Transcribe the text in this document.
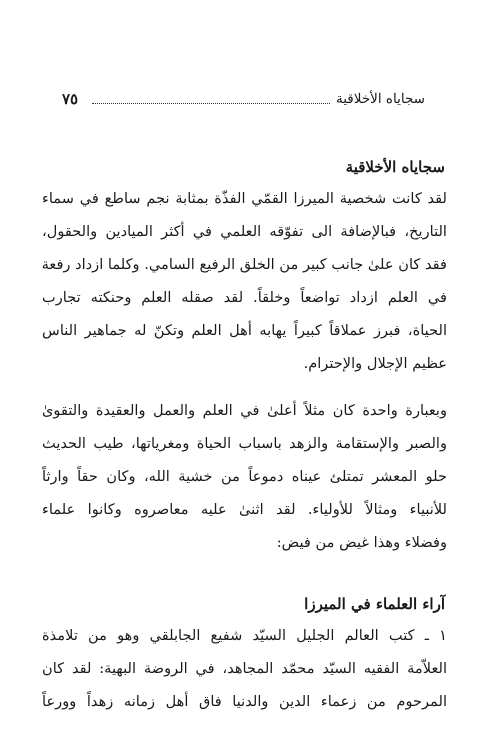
٧٥	سجاياه الأخلاقية
سجاياه الأخلاقية

لقد كانت شخصية الميرزا القمّي الفذّة بمثابة نجم ساطع في سماء
التاريخ، فبالإضافة الى تفوّقه العلمي في أكثر الميادين والحقول،
فقد كان علىٰ جانب كبير من الخلق الرفيع السامي. وكلما ازداد رفعة
في العلم ازداد تواضعاً وخلقاً. لقد صقله العلم وحنكته تجارب
الحياة، فبرز عملاقاً كبيراً يهابه أهل العلم وتكنّ له جماهير الناس
عظيم الإجلال والإحترام.

وبعبارة واحدة كان مثلاً أعلىٰ في العلم والعمل والعقيدة والتقوىٰ
والصبر والإستقامة والزهد باسباب الحياة ومغرياتها، طيب الحديث
حلو المعشر تمتلئ عيناه دموعاً من خشية الله، وكان حقاً وارثاً
للأنبياء ومثالاً للأولياء. لقد اثنىٰ عليه معاصروه وكانوا علماء
وفضلاء وهذا غيض من فيض:

آراء العلماء في الميرزا

١ ـ كتب العالم الجليل السيّد شفيع الجابلقي وهو من تلامذة
العلاّمة الفقيه السيّد محمّد المجاهد، في الروضة البهية: لقد كان
المرحوم من زعماء الدين والدنيا فاق أهل زمانه زهداً وورعاً
